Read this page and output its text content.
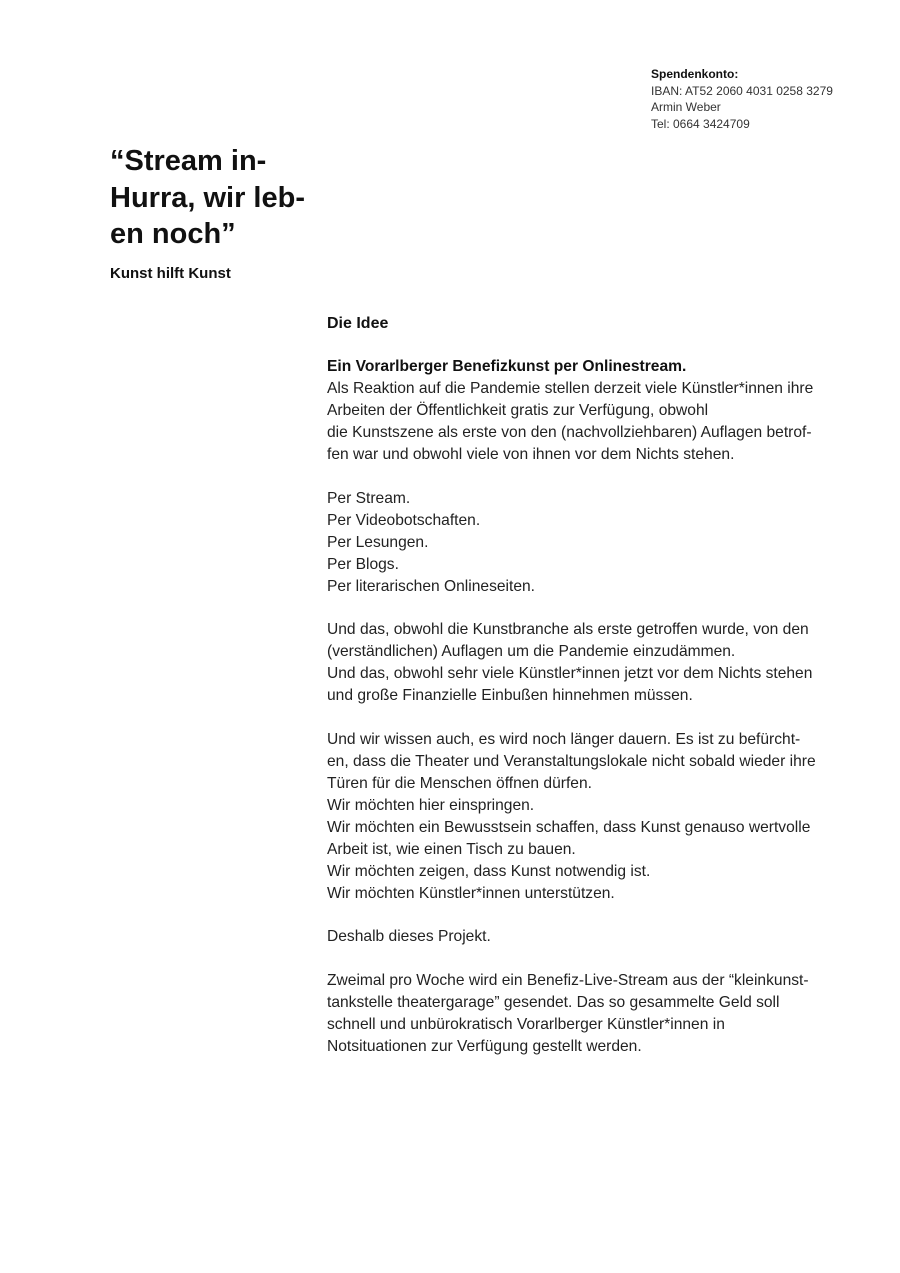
Spendenkonto:
IBAN: AT52 2060 4031 0258 3279
Armin Weber
Tel: 0664 3424709
“Stream in-
Hurra, wir leb-
en noch”
Kunst hilft Kunst
Die Idee
Ein Vorarlberger Benefizkunst per Onlinestream.
Als Reaktion auf die Pandemie stellen derzeit viele Künstler*innen ihre
Arbeiten der Öffentlichkeit gratis zur Verfügung, obwohl
die Kunstszene als erste von den (nachvollziehbaren) Auflagen betrof-
fen war und obwohl viele von ihnen vor dem Nichts stehen.
Per Stream.
Per Videobotschaften.
Per Lesungen.
Per Blogs.
Per literarischen Onlineseiten.
Und das, obwohl die Kunstbranche als erste getroffen wurde, von den
(verständlichen) Auflagen um die Pandemie einzudämmen.
Und das, obwohl sehr viele Künstler*innen jetzt vor dem Nichts stehen
und große Finanzielle Einbußen hinnehmen müssen.
Und wir wissen auch, es wird noch länger dauern. Es ist zu befürcht-
en, dass die Theater und Veranstaltungslokale nicht sobald wieder ihre
Türen für die Menschen öffnen dürfen.
Wir möchten hier einspringen.
Wir möchten ein Bewusstsein schaffen, dass Kunst genauso wertvolle
Arbeit ist, wie einen Tisch zu bauen.
Wir möchten zeigen, dass Kunst notwendig ist.
Wir möchten Künstler*innen unterstützen.
Deshalb dieses Projekt.
Zweimal pro Woche wird ein Benefiz-Live-Stream aus der “kleinkunst-
tankstelle theatergarage” gesendet. Das so gesammelte Geld soll
schnell und unbürokratisch Vorarlberger Künstler*innen in
Notsituationen zur Verfügung gestellt werden.
